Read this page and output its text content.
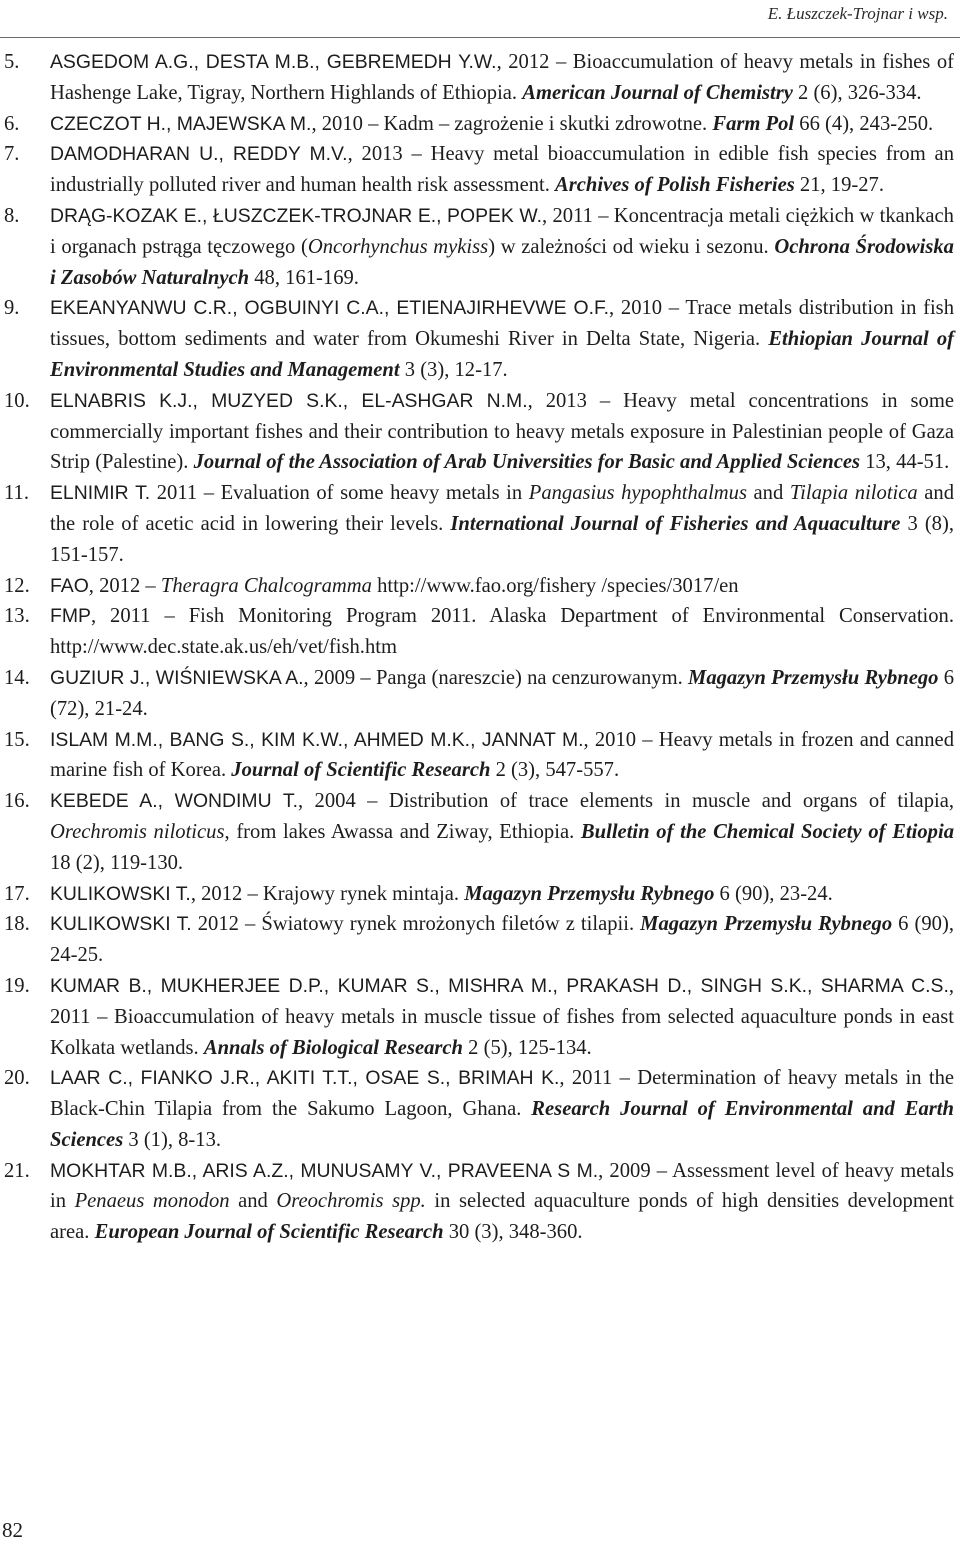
E. Łuszczek-Trojnar i wsp.
5.	ASGEDOM A.G., DESTA M.B., GEBREMEDH Y.W., 2012 – Bioaccumulation of heavy metals in fishes of Hashenge Lake, Tigray, Northern Highlands of Ethiopia. American Journal of Chemistry 2 (6), 326-334.
6.	CZECZOT H., MAJEWSKA M., 2010 – Kadm – zagrożenie i skutki zdrowotne. Farm Pol 66 (4), 243-250.
7.	DAMODHARAN U., REDDY M.V., 2013 – Heavy metal bioaccumulation in edible fish species from an industrially polluted river and human health risk assessment. Archives of Polish Fisheries 21, 19-27.
8.	DRĄG-KOZAK E., ŁUSZCZEK-TROJNAR E., POPEK W., 2011 – Koncentracja metali ciężkich w tkankach i organach pstrąga tęczowego (Oncorhynchus mykiss) w zależności od wieku i sezonu. Ochrona Środowiska i Zasobów Naturalnych 48, 161-169.
9.	EKEANYANWU C.R., OGBUINYI C.A., ETIENAJIRHEVWE O.F., 2010 – Trace metals distribution in fish tissues, bottom sediments and water from Okumeshi River in Delta State, Nigeria. Ethiopian Journal of Environmental Studies and Management 3 (3), 12-17.
10.	ELNABRIS K.J., MUZYED S.K., EL-ASHGAR N.M., 2013 – Heavy metal concentrations in some commercially important fishes and their contribution to heavy metals exposure in Palestinian people of Gaza Strip (Palestine). Journal of the Association of Arab Universities for Basic and Applied Sciences 13, 44-51.
11.	ELNIMIR T. 2011 – Evaluation of some heavy metals in Pangasius hypophthalmus and Tilapia nilotica and the role of acetic acid in lowering their levels. International Journal of Fisheries and Aquaculture 3 (8), 151-157.
12.	FAO, 2012 – Theragra Chalcogramma http://www.fao.org/fishery /species/3017/en
13.	FMP, 2011 – Fish Monitoring Program 2011. Alaska Department of Environmental Conservation. http://www.dec.state.ak.us/eh/vet/fish.htm
14.	GUZIUR J., WIŚNIEWSKA A., 2009 – Panga (nareszcie) na cenzurowanym. Magazyn Przemysłu Rybnego 6 (72), 21-24.
15.	ISLAM M.M., BANG S., KIM K.W., AHMED M.K., JANNAT M., 2010 – Heavy metals in frozen and canned marine fish of Korea. Journal of Scientific Research 2 (3), 547-557.
16.	KEBEDE A., WONDIMU T., 2004 – Distribution of trace elements in muscle and organs of tilapia, Orechromis niloticus, from lakes Awassa and Ziway, Ethiopia. Bulletin of the Chemical Society of Etiopia 18 (2), 119-130.
17.	KULIKOWSKI T., 2012 – Krajowy rynek mintaja. Magazyn Przemysłu Rybnego 6 (90), 23-24.
18.	KULIKOWSKI T. 2012 – Światowy rynek mrożonych filetów z tilapii. Magazyn Przemysłu Rybnego 6 (90), 24-25.
19.	KUMAR B., MUKHERJEE D.P., KUMAR S., MISHRA M., PRAKASH D., SINGH S.K., SHARMA C.S., 2011 – Bioaccumulation of heavy metals in muscle tissue of fishes from selected aquaculture ponds in east Kolkata wetlands. Annals of Biological Research 2 (5), 125-134.
20.	LAAR C., FIANKO J.R., AKITI T.T., OSAE S., BRIMAH K., 2011 – Determination of heavy metals in the Black-Chin Tilapia from the Sakumo Lagoon, Ghana. Research Journal of Environmental and Earth Sciences 3 (1), 8-13.
21.	MOKHTAR M.B., ARIS A.Z., MUNUSAMY V., PRAVEENA S M., 2009 – Assessment level of heavy metals in Penaeus monodon and Oreochromis spp. in selected aquaculture ponds of high densities development area. European Journal of Scientific Research 30 (3), 348-360.
82
